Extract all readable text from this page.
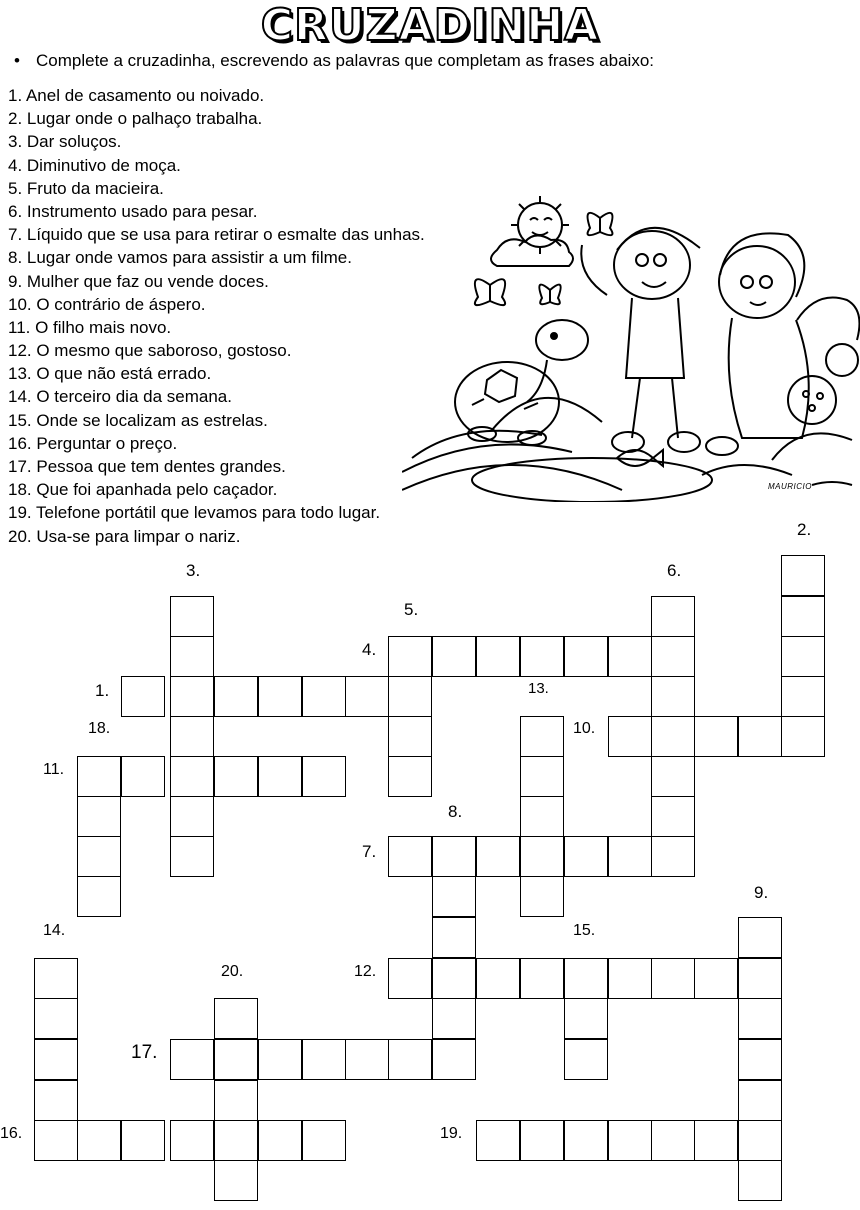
CRUZADINHA
• Complete a cruzadinha, escrevendo as palavras que completam as frases abaixo:
1. Anel de casamento ou noivado.
2. Lugar onde o palhaço trabalha.
3. Dar soluços.
4. Diminutivo de moça.
5. Fruto da macieira.
6. Instrumento usado para pesar.
7. Líquido que se usa para retirar o esmalte das unhas.
8. Lugar onde vamos para assistir a um filme.
9. Mulher que faz ou vende doces.
10. O contrário de áspero.
11. O filho mais novo.
12. O mesmo que saboroso, gostoso.
13. O que não está errado.
14. O terceiro dia da semana.
15. Onde se localizam as estrelas.
16. Perguntar o preço.
17. Pessoa que tem dentes grandes.
18. Que foi apanhada pelo caçador.
19. Telefone portátil que levamos para todo lugar.
20. Usa-se para limpar o nariz.
MAURICIO
2.
3.	6.
5.
4.
1.	13.
18.	10.
11.
8.
7.
9.
14.	15.
20.	12.
17.
16.	19.
